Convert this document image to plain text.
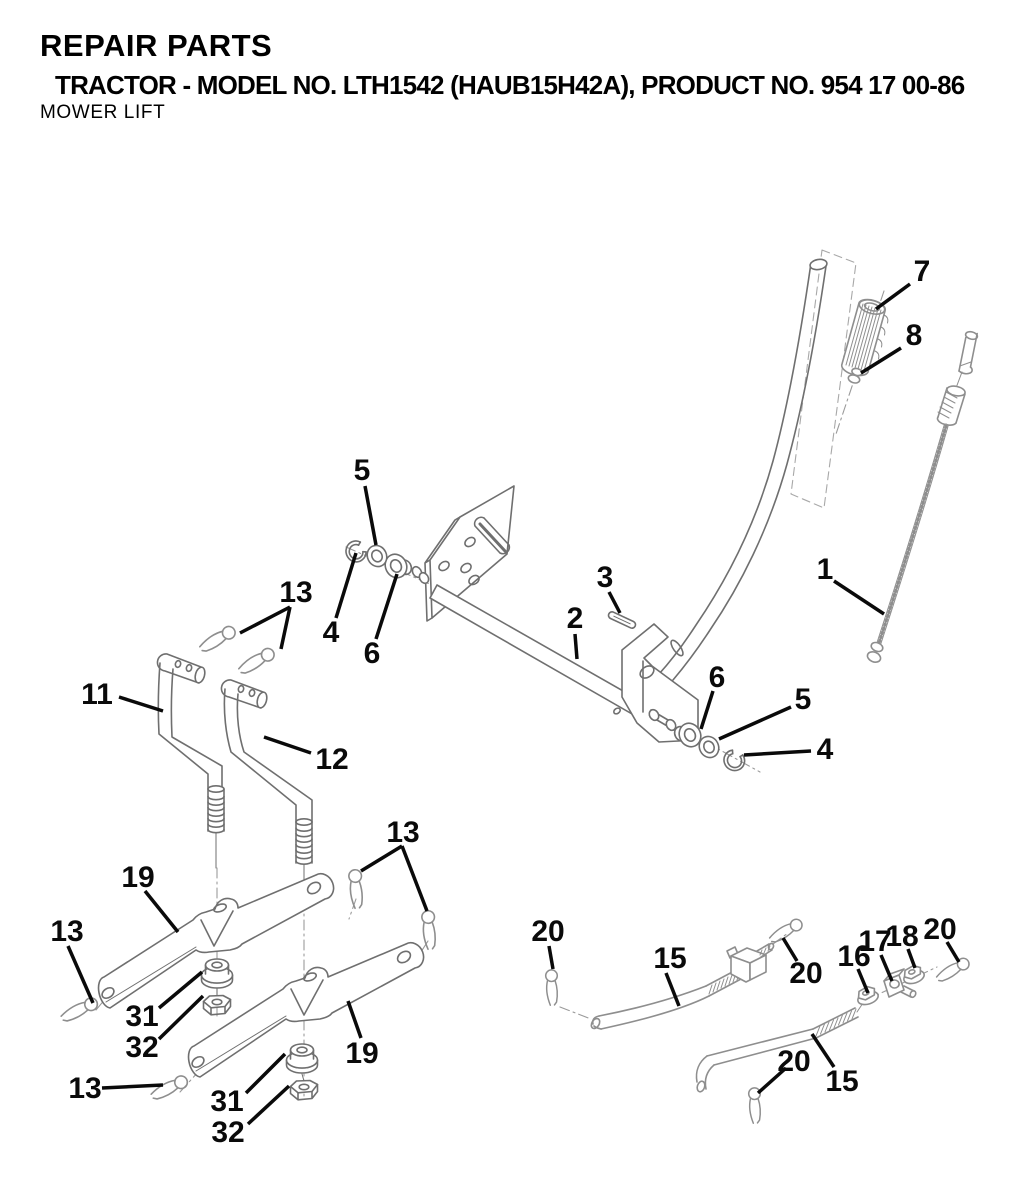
REPAIR PARTS
TRACTOR - MODEL NO. LTH1542 (HAUB15H42A), PRODUCT NO. 954 17 00-86
MOWER LIFT
7
8
1
3
2
5
4
6
13
11
12
6
5
4
13
19
13
31
32
13	31
32
19
20
15	20
16
17
18 20
20
15
